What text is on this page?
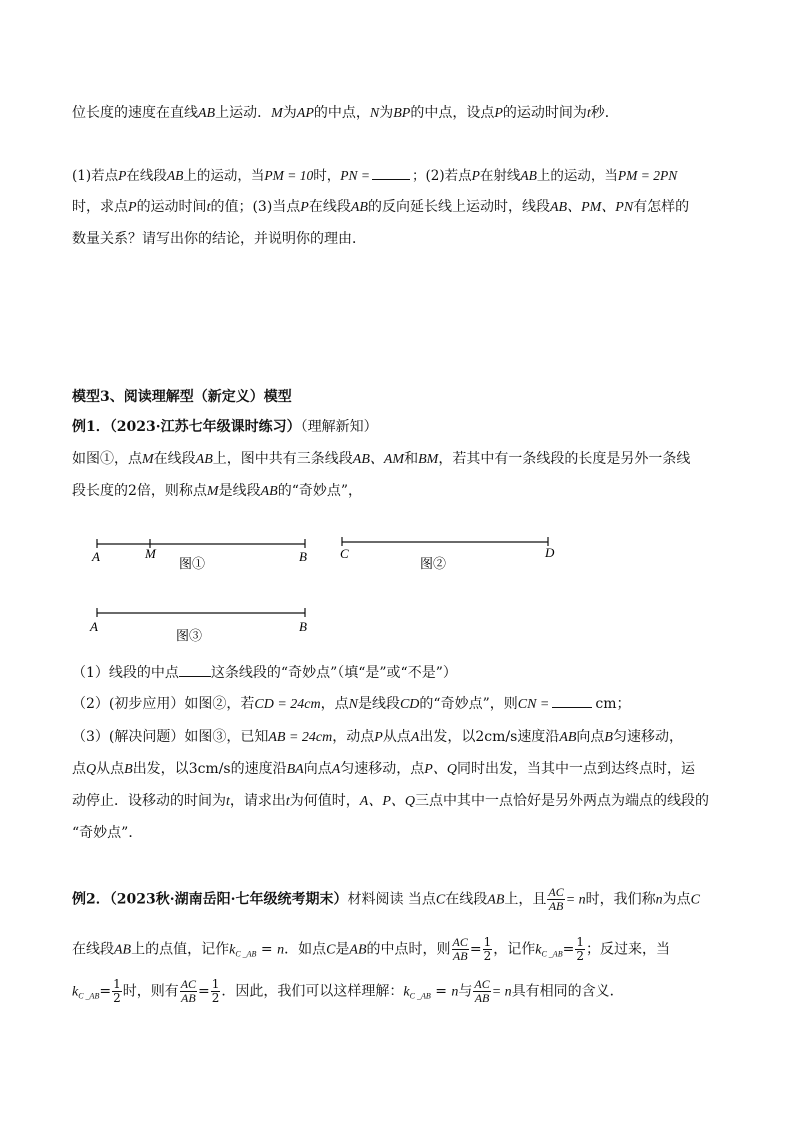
位长度的速度在直线AB上运动．M为AP的中点，N为BP的中点，设点P的运动时间为t秒．
(1)若点P在线段AB上的运动，当PM = 10时，PN =	；(2)若点P在射线AB上的运动，当PM = 2PN
时，求点P的运动时间t的值；(3)当点P在线段AB的反向延长线上运动时，线段AB、PM、PN有怎样的
数量关系？请写出你的结论，并说明你的理由．
模型3、阅读理解型（新定义）模型
例1．（2023·江苏七年级课时练习）（理解新知）
如图①，点M在线段AB上，图中共有三条线段AB、AM和BM，若其中有一条线段的长度是另外一条线
段长度的2倍，则称点M是线段AB的“奇妙点”，
A	M	B
图①
C	D
图②
A	B
图③
（1）线段的中点 这条线段的“奇妙点”（填“是”或“不是”）
（2）(初步应用）如图②，若CD = 24cm，点N是线段CD的“奇妙点”，则CN =	cm；
（3）(解决问题）如图③，已知AB = 24cm，动点P从点A出发，以2cm/s速度沿AB向点B匀速移动，
点Q从点B出发，以3cm/s的速度沿BA向点A匀速移动，点P、Q同时出发，当其中一点到达终点时，运
动停止．设移动的时间为t，请求出t为何值时，A、P、Q三点中其中一点恰好是另外两点为端点的线段的
“奇妙点”．
例2．（2023秋·湖南岳阳·七年级统考期末）材料阅读 当点C在线段AB上，且 $\frac{AC}{AB} = n$时，我们称n为点C
在线段AB上的点值，记作$k_{C \_AB} = n$．如点C是AB的中点时，则 $\frac{AC}{AB} = \frac{1}{2}$ ，记作$k_{C \_AB}= \frac{1}{2}$ ；反过来，当
$k_{C \_AB}= \frac{1}{2}$ 时，则有 $\frac{AC}{AB} = \frac{1}{2}$ ．因此，我们可以这样理解：$k_{C \_AB} = n$与 $\frac{AC}{AB} = n$具有相同的含义．
